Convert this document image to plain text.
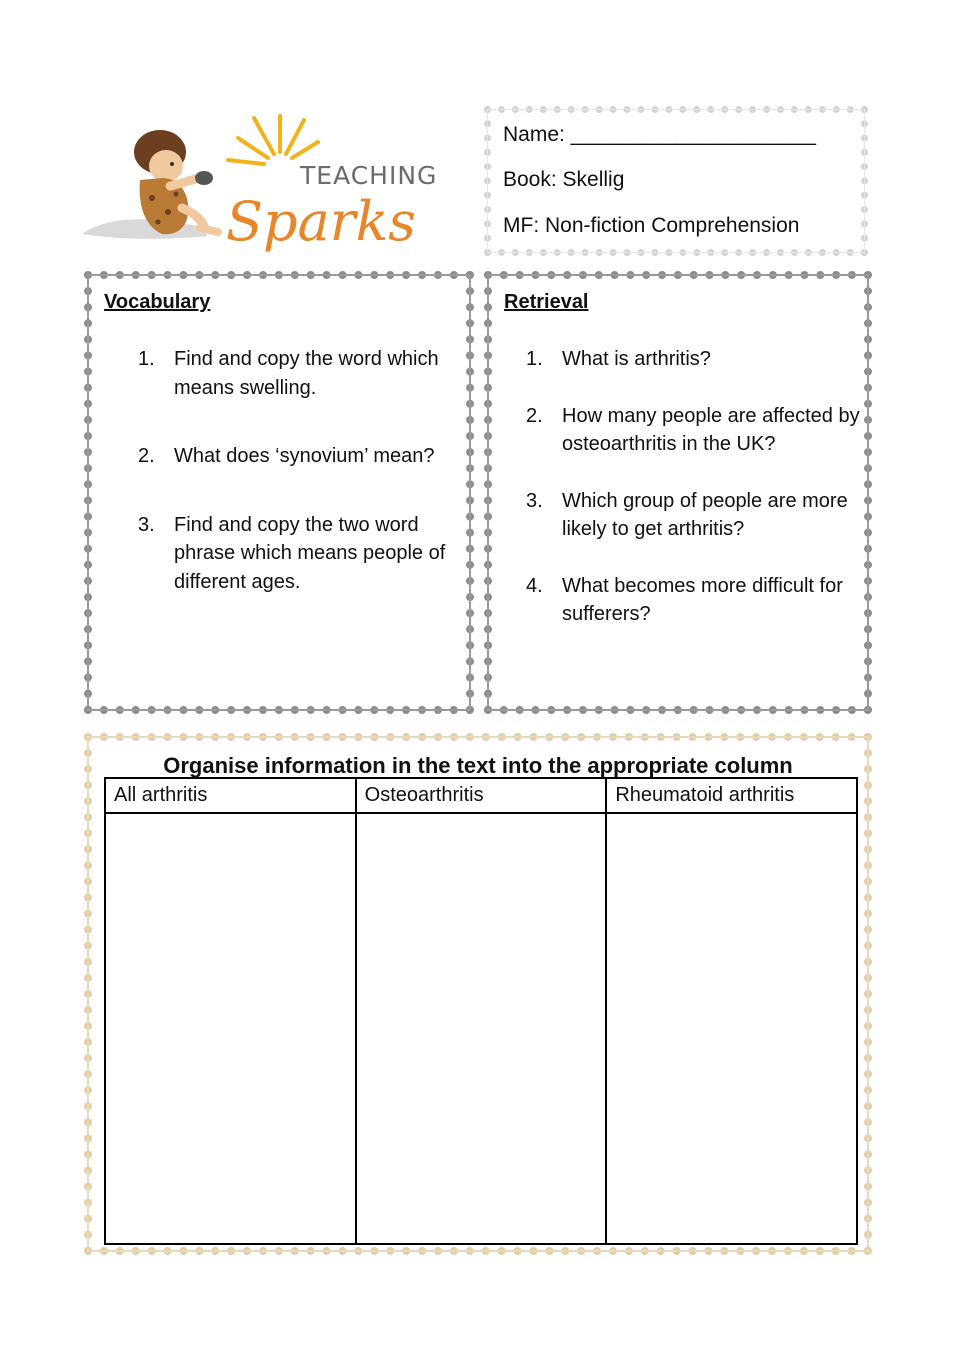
TEACHING
Sparks
Name: _____________________
Book: Skellig
MF: Non-fiction Comprehension
Vocabulary
1. Find and copy the word which means swelling.
2. What does ‘synovium’ mean?
3. Find and copy the two word phrase which means people of different ages.
Retrieval
1. What is arthritis?
2. How many people are affected by osteoarthritis in the UK?
3. Which group of people are more likely to get arthritis?
4. What becomes more difficult for sufferers?
Organise information in the text into the appropriate column
All arthritis	Osteoarthritis	Rheumatoid arthritis
